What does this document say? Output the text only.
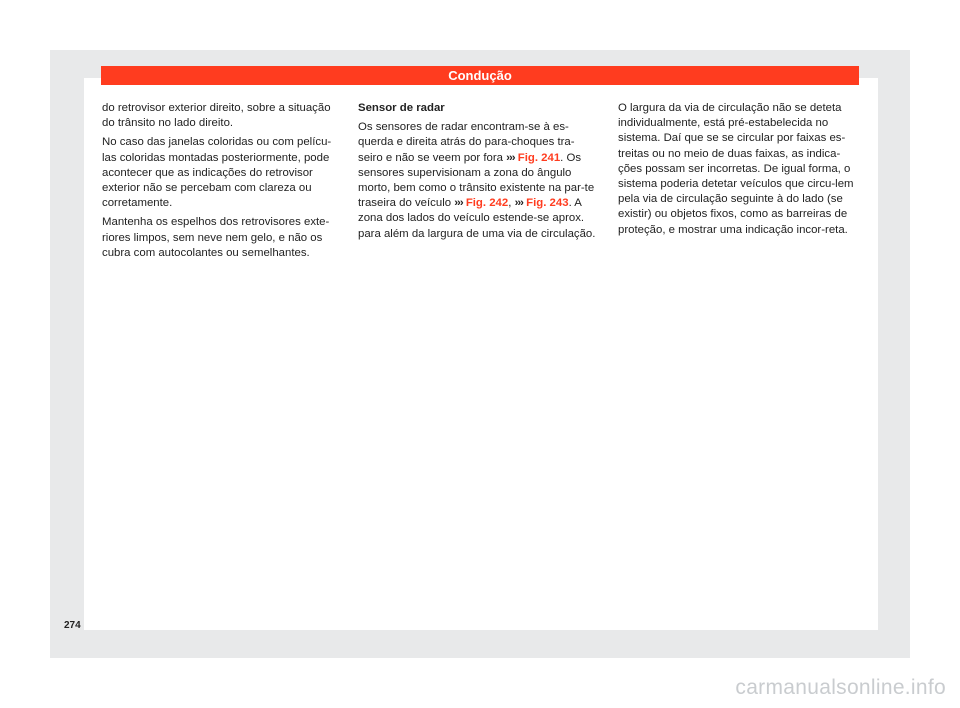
Condução

do retrovisor exterior direito, sobre a situação do trânsito no lado direito.

No caso das janelas coloridas ou com pelícu-las coloridas montadas posteriormente, pode acontecer que as indicações do retrovisor exterior não se percebam com clareza ou corretamente.

Mantenha os espelhos dos retrovisores exte-riores limpos, sem neve nem gelo, e não os cubra com autocolantes ou semelhantes.

Sensor de radar

Os sensores de radar encontram-se à es-querda e direita atrás do para-choques tra-seiro e não se veem por fora ››› Fig. 241. Os sensores supervisionam a zona do ângulo morto, bem como o trânsito existente na par-te traseira do veículo ››› Fig. 242, ››› Fig. 243. A zona dos lados do veículo estende-se aprox. para além da largura de uma via de circulação.

O largura da via de circulação não se deteta individualmente, está pré-estabelecida no sistema. Daí que se se circular por faixas es-treitas ou no meio de duas faixas, as indica-ções possam ser incorretas. De igual forma, o sistema poderia detetar veículos que circu-lem pela via de circulação seguinte à do lado (se existir) ou objetos fixos, como as barreiras de proteção, e mostrar uma indicação incor-reta.

274
carmanualsonline.info
